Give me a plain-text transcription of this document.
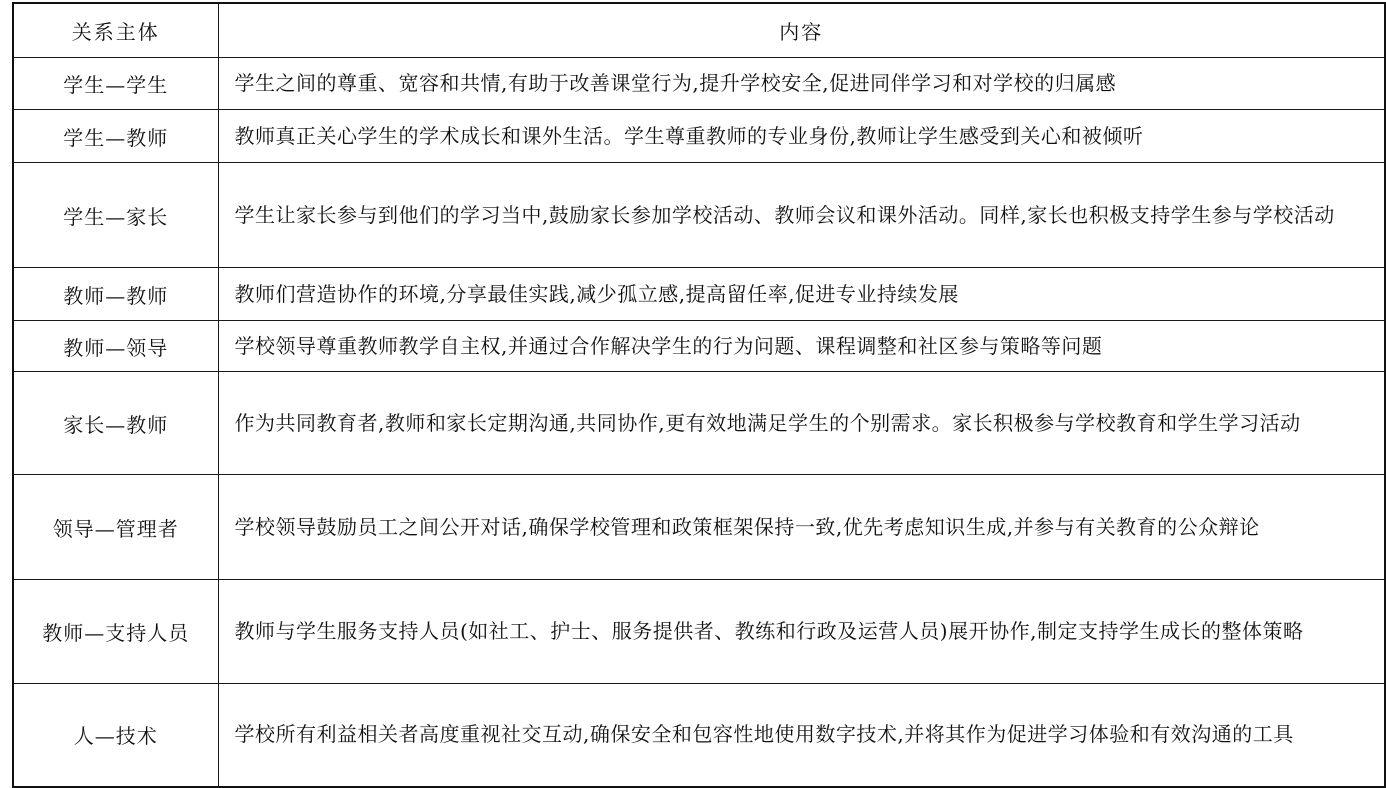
关系主体	内容
学生—学生	学生之间的尊重、宽容和共情,有助于改善课堂行为,提升学校安全,促进同伴学习和对学校的归属感
学生—教师	教师真正关心学生的学术成长和课外生活。学生尊重教师的专业身份,教师让学生感受到关心和被倾听
学生—家长	学生让家长参与到他们的学习当中,鼓励家长参加学校活动、教师会议和课外活动。同样,家长也积极支持学生参与学校活动
教师—教师	教师们营造协作的环境,分享最佳实践,减少孤立感,提高留任率,促进专业持续发展
教师—领导	学校领导尊重教师教学自主权,并通过合作解决学生的行为问题、课程调整和社区参与策略等问题
家长—教师	作为共同教育者,教师和家长定期沟通,共同协作,更有效地满足学生的个别需求。家长积极参与学校教育和学生学习活动
领导—管理者	学校领导鼓励员工之间公开对话,确保学校管理和政策框架保持一致,优先考虑知识生成,并参与有关教育的公众辩论
教师—支持人员	教师与学生服务支持人员(如社工、护士、服务提供者、教练和行政及运营人员)展开协作,制定支持学生成长的整体策略
人—技术	学校所有利益相关者高度重视社交互动,确保安全和包容性地使用数字技术,并将其作为促进学习体验和有效沟通的工具
